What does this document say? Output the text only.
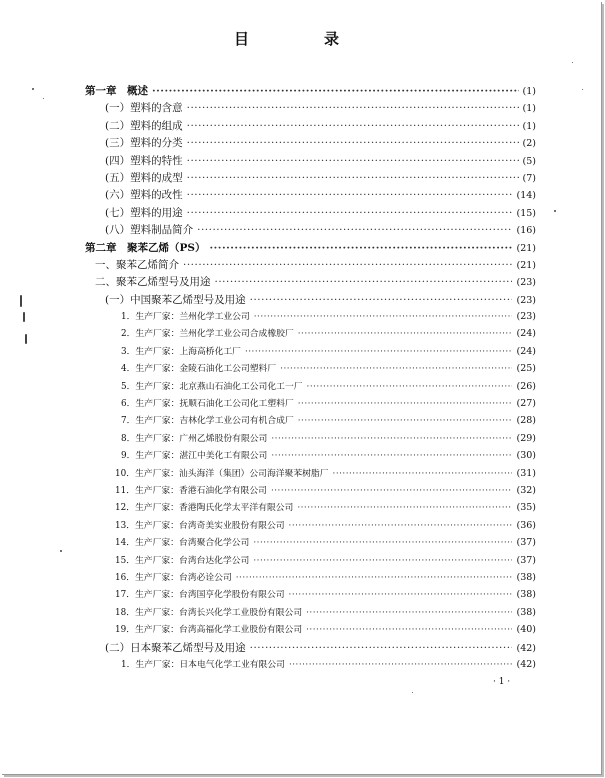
目　录
第一章　概述 ·····	(1)
(一）塑料的含意 ·····	(1)
(二）塑料的组成 ·····	(1)
(三）塑料的分类 ·····	(2)
(四）塑料的特性 ·····	(5)
(五）塑料的成型 ·····	(7)
(六）塑料的改性 ·····	(14)
(七）塑料的用途 ·····	(15)
(八）塑料制品简介 ·····	(16)
第二章　聚苯乙烯（PS） ·····	(21)
一、聚苯乙烯简介 ·····	(21)
二、聚苯乙烯型号及用途 ·····	(23)
(一）中国聚苯乙烯型号及用途 ·····	(23)
1．生产厂家：兰州化学工业公司 ·····	(23)
2．生产厂家：兰州化学工业公司合成橡胶厂 ·····	(24)
3．生产厂家：上海高桥化工厂 ·····	(24)
4．生产厂家：金陵石油化工公司塑料厂 ·····	(25)
5．生产厂家：北京燕山石油化工公司化工一厂 ·····	(26)
6．生产厂家：抚顺石油化工公司化工塑料厂 ·····	(27)
7．生产厂家：吉林化学工业公司有机合成厂 ·····	(28)
8．生产厂家：广州乙烯股份有限公司 ·····	(29)
9．生产厂家：湛江中美化工有限公司 ·····	(30)
10．生产厂家：汕头海洋（集团）公司海洋聚苯树脂厂 ·····	(31)
11．生产厂家：香港石油化学有限公司 ·····	(32)
12．生产厂家：香港陶氏化学太平洋有限公司 ·····	(35)
13．生产厂家：台湾奇美实业股份有限公司 ·····	(36)
14．生产厂家：台湾聚合化学公司 ·····	(37)
15．生产厂家：台湾台达化学公司 ·····	(37)
16．生产厂家：台湾必诠公司 ·····	(38)
17．生产厂家：台湾国亨化学股份有限公司 ·····	(38)
18．生产厂家：台湾长兴化学工业股份有限公司 ·····	(38)
19．生产厂家：台湾高福化学工业股份有限公司 ·····	(40)
(二）日本聚苯乙烯型号及用途 ·····	(42)
1．生产厂家：日本电气化学工业有限公司 ·····	(42)
· 1 ·
